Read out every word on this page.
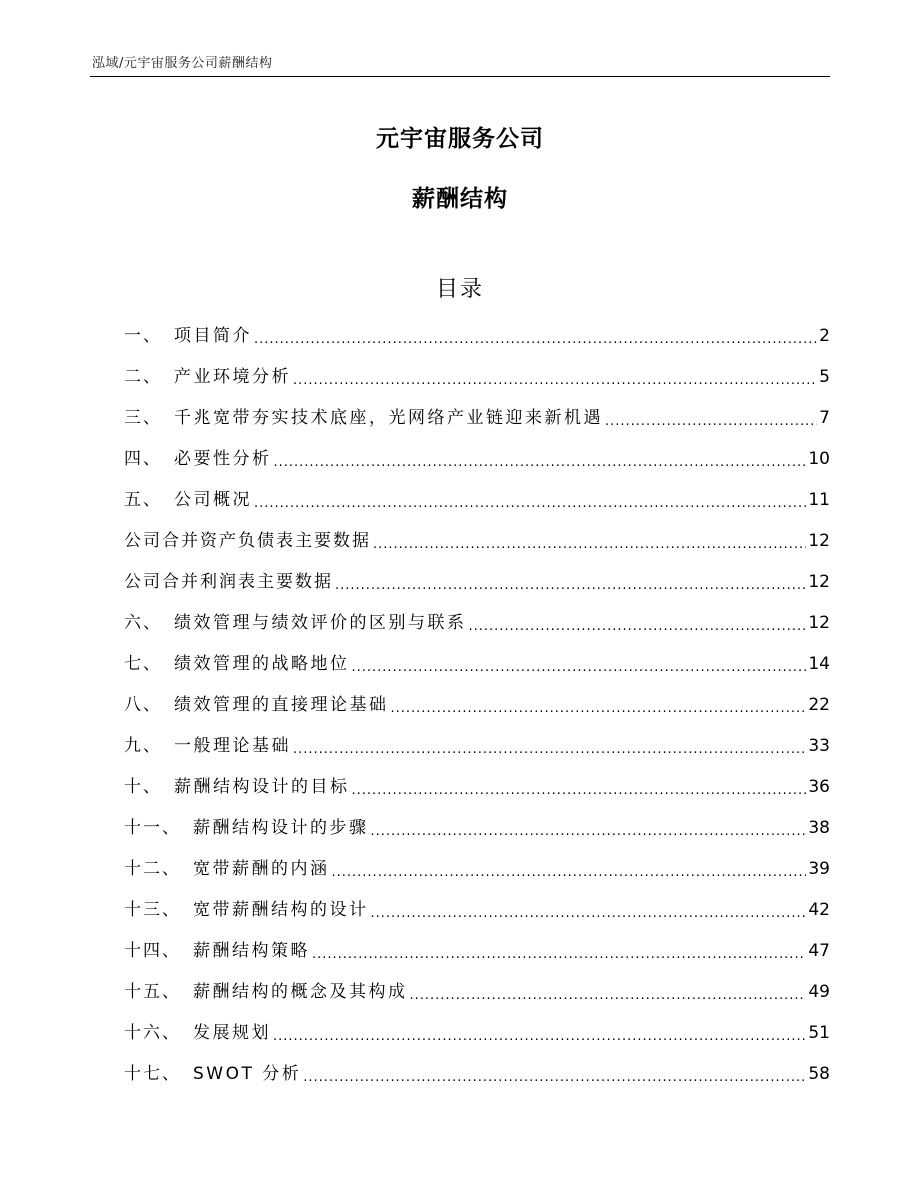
泓域/元宇宙服务公司薪酬结构
元宇宙服务公司
薪酬结构
目录
一、 项目简介 .....	2
二、 产业环境分析 .....	5
三、 千兆宽带夯实技术底座，光网络产业链迎来新机遇 .....	7
四、 必要性分析 .....	10
五、 公司概况 .....	11
公司合并资产负债表主要数据 .....	12
公司合并利润表主要数据 .....	12
六、 绩效管理与绩效评价的区别与联系 .....	12
七、 绩效管理的战略地位 .....	14
八、 绩效管理的直接理论基础 .....	22
九、 一般理论基础 .....	33
十、 薪酬结构设计的目标 .....	36
十一、 薪酬结构设计的步骤 .....	38
十二、 宽带薪酬的内涵 .....	39
十三、 宽带薪酬结构的设计 .....	42
十四、 薪酬结构策略 .....	47
十五、 薪酬结构的概念及其构成 .....	49
十六、 发展规划 .....	51
十七、 SWOT 分析 .....	58
